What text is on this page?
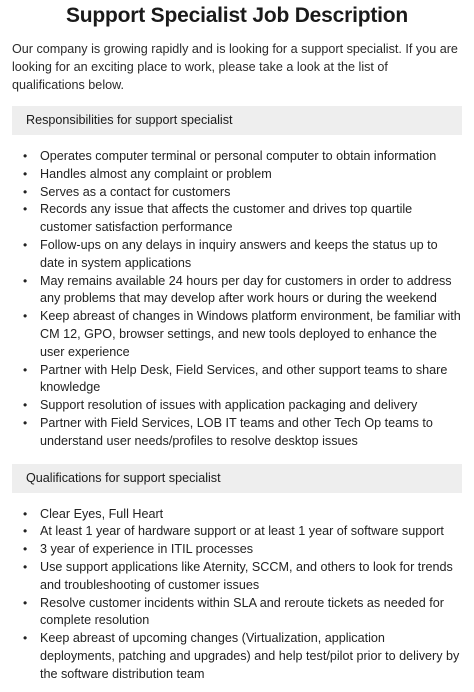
Support Specialist Job Description

Our company is growing rapidly and is looking for a support specialist. If you are looking for an exciting place to work, please take a look at the list of qualifications below.

Responsibilities for support specialist
• Operates computer terminal or personal computer to obtain information
• Handles almost any complaint or problem
• Serves as a contact for customers
• Records any issue that affects the customer and drives top quartile customer satisfaction performance
• Follow-ups on any delays in inquiry answers and keeps the status up to date in system applications
• May remains available 24 hours per day for customers in order to address any problems that may develop after work hours or during the weekend
• Keep abreast of changes in Windows platform environment, be familiar with CM 12, GPO, browser settings, and new tools deployed to enhance the user experience
• Partner with Help Desk, Field Services, and other support teams to share knowledge
• Support resolution of issues with application packaging and delivery
• Partner with Field Services, LOB IT teams and other Tech Op teams to understand user needs/profiles to resolve desktop issues
Qualifications for support specialist
• Clear Eyes, Full Heart
• At least 1 year of hardware support or at least 1 year of software support
• 3 year of experience in ITIL processes
• Use support applications like Aternity, SCCM, and others to look for trends and troubleshooting of customer issues
• Resolve customer incidents within SLA and reroute tickets as needed for complete resolution
• Keep abreast of upcoming changes (Virtualization, application deployments, patching and upgrades) and help test/pilot prior to delivery by the software distribution team
